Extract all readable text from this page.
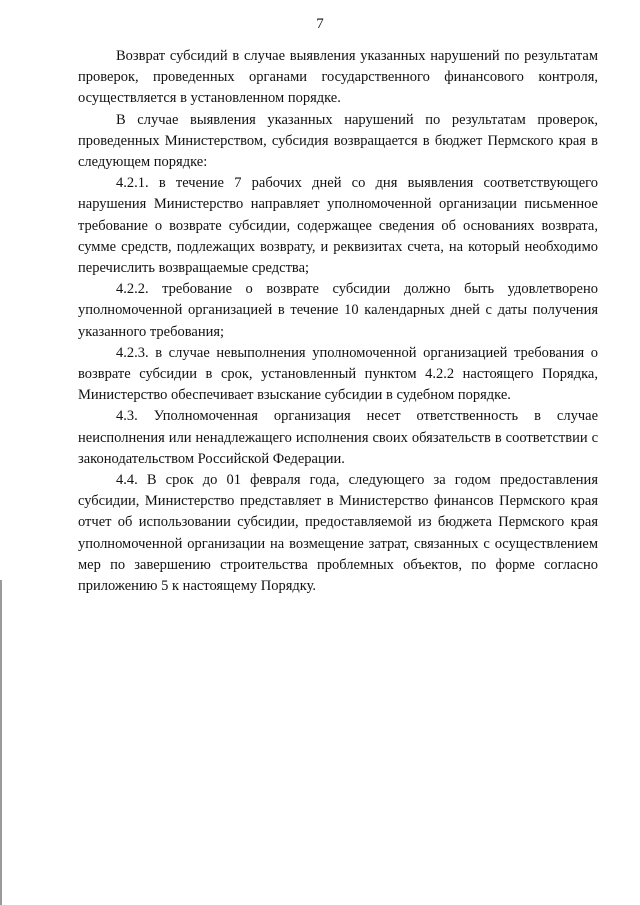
7

Возврат субсидий в случае выявления указанных нарушений по результатам проверок, проведенных органами государственного финансового контроля, осуществляется в установленном порядке.

В случае выявления указанных нарушений по результатам проверок, проведенных Министерством, субсидия возвращается в бюджет Пермского края в следующем порядке:

4.2.1. в течение 7 рабочих дней со дня выявления соответствующего нарушения Министерство направляет уполномоченной организации письменное требование о возврате субсидии, содержащее сведения об основаниях возврата, сумме средств, подлежащих возврату, и реквизитах счета, на который необходимо перечислить возвращаемые средства;

4.2.2. требование о возврате субсидии должно быть удовлетворено уполномоченной организацией в течение 10 календарных дней с даты получения указанного требования;

4.2.3. в случае невыполнения уполномоченной организацией требования о возврате субсидии в срок, установленный пунктом 4.2.2 настоящего Порядка, Министерство обеспечивает взыскание субсидии в судебном порядке.

4.3. Уполномоченная организация несет ответственность в случае неисполнения или ненадлежащего исполнения своих обязательств в соответствии с законодательством Российской Федерации.

4.4. В срок до 01 февраля года, следующего за годом предоставления субсидии, Министерство представляет в Министерство финансов Пермского края отчет об использовании субсидии, предоставляемой из бюджета Пермского края уполномоченной организации на возмещение затрат, связанных с осуществлением мер по завершению строительства проблемных объектов, по форме согласно приложению 5 к настоящему Порядку.
